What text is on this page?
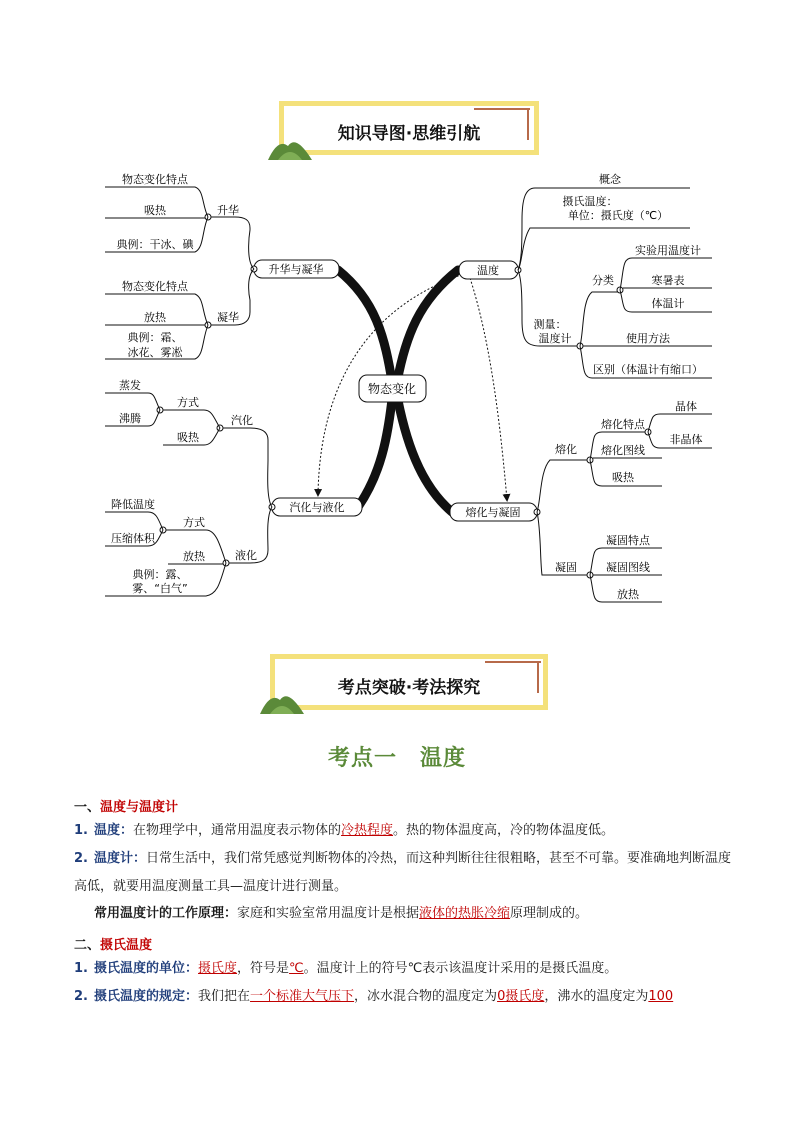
知识导图·思维引航
物态变化
升华与凝华
升华
物态变化特点
吸热
典例：干冰、碘
凝华
物态变化特点
放热
典例：霜、
冰花、雾凇
汽化与液化
汽化
方式
吸热
蒸发
沸腾
液化
方式
放热
降低温度
压缩体积
典例：露、
雾、“白气”
温度
概念
摄氏温度：
单位：摄氏度（℃）
测量：
温度计
分类
使用方法
区别（体温计有缩口）
实验用温度计
寒暑表
体温计
熔化与凝固
熔化
凝固
熔化特点
熔化图线
吸热
晶体
非晶体
凝固特点
凝固图线
放热
考点突破·考法探究
考点一　温度
一、温度与温度计
1. 温度：在物理学中，通常用温度表示物体的冷热程度。热的物体温度高，冷的物体温度低。
2. 温度计：日常生活中，我们常凭感觉判断物体的冷热，而这种判断往往很粗略，甚至不可靠。要准确地判断温度高低，就要用温度测量工具—温度计进行测量。
常用温度计的工作原理：家庭和实验室常用温度计是根据液体的热胀冷缩原理制成的。
二、摄氏温度
1. 摄氏温度的单位：摄氏度，符号是℃。温度计上的符号℃表示该温度计采用的是摄氏温度。
2. 摄氏温度的规定：我们把在一个标准大气压下，冰水混合物的温度定为0摄氏度，沸水的温度定为100
